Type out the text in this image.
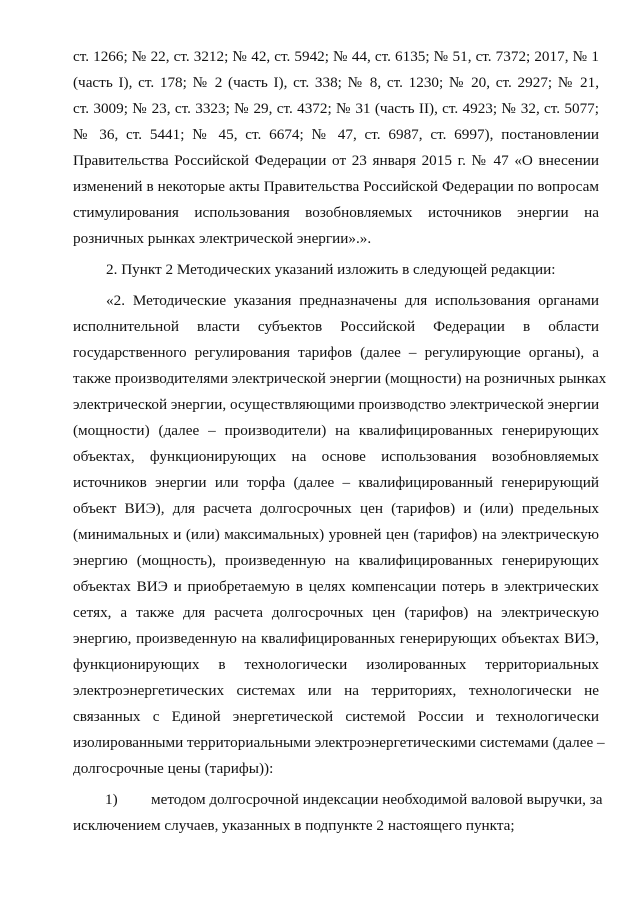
ст. 1266; № 22, ст. 3212; № 42, ст. 5942; № 44, ст. 6135; № 51, ст. 7372; 2017, № 1
(часть I), ст. 178; № 2 (часть I), ст. 338; № 8, ст. 1230; № 20, ст. 2927; № 21,
ст. 3009; № 23, ст. 3323; № 29, ст. 4372; № 31 (часть II), ст. 4923; № 32, ст. 5077;
№ 36, ст. 5441; № 45, ст. 6674; № 47, ст. 6987, ст. 6997), постановлении
Правительства Российской Федерации от 23 января 2015 г. № 47 «О внесении
изменений в некоторые акты Правительства Российской Федерации по вопросам
стимулирования использования возобновляемых источников энергии на
розничных рынках электрической энергии».».
2. Пункт 2 Методических указаний изложить в следующей редакции:
«2. Методические указания предназначены для использования органами
исполнительной власти субъектов Российской Федерации в области
государственного регулирования тарифов (далее – регулирующие органы), а
также производителями электрической энергии (мощности) на розничных рынках
электрической энергии, осуществляющими производство электрической энергии
(мощности) (далее – производители) на квалифицированных генерирующих
объектах, функционирующих на основе использования возобновляемых
источников энергии или торфа (далее – квалифицированный генерирующий
объект ВИЭ), для расчета долгосрочных цен (тарифов) и (или) предельных
(минимальных и (или) максимальных) уровней цен (тарифов) на электрическую
энергию (мощность), произведенную на квалифицированных генерирующих
объектах ВИЭ и приобретаемую в целях компенсации потерь в электрических
сетях, а также для расчета долгосрочных цен (тарифов) на электрическую
энергию, произведенную на квалифицированных генерирующих объектах ВИЭ,
функционирующих в технологически изолированных территориальных
электроэнергетических системах или на территориях, технологически не
связанных с Единой энергетической системой России и технологически
изолированными территориальными электроэнергетическими системами (далее –
долгосрочные цены (тарифы)):
1) методом долгосрочной индексации необходимой валовой выручки, за
исключением случаев, указанных в подпункте 2 настоящего пункта;
